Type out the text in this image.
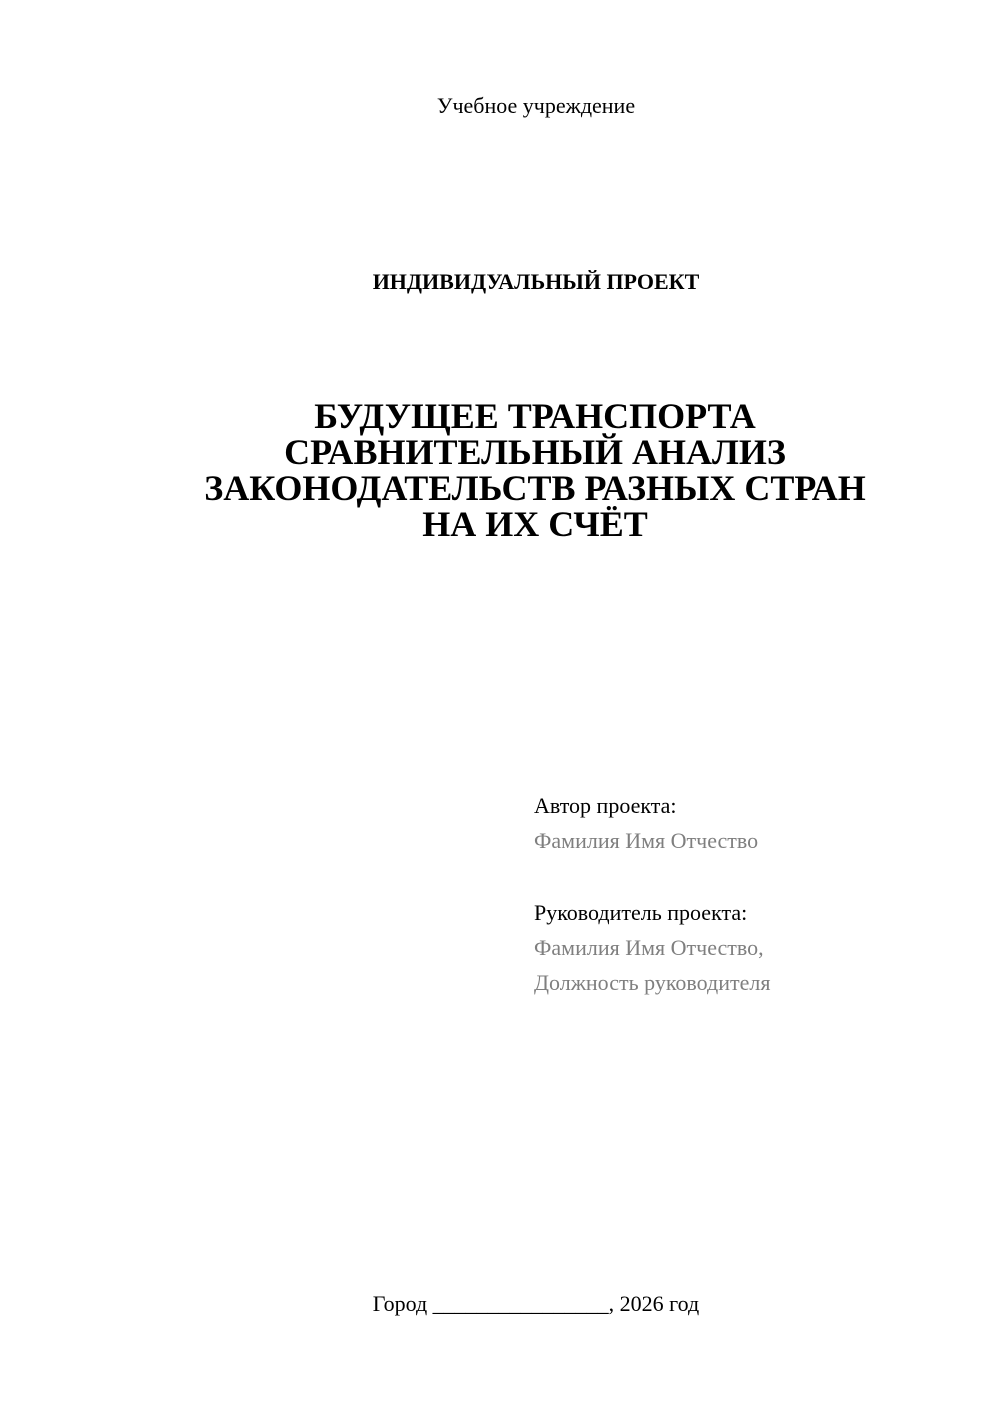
Учебное учреждение
ИНДИВИДУАЛЬНЫЙ ПРОЕКТ
БУДУЩЕЕ ТРАНСПОРТА
СРАВНИТЕЛЬНЫЙ АНАЛИЗ
ЗАКОНОДАТЕЛЬСТВ РАЗНЫХ СТРАН
НА ИХ СЧЁТ
Автор проекта:
Фамилия Имя Отчество
Руководитель проекта:
Фамилия Имя Отчество,
Должность руководителя
Город ________________, 2026 год
